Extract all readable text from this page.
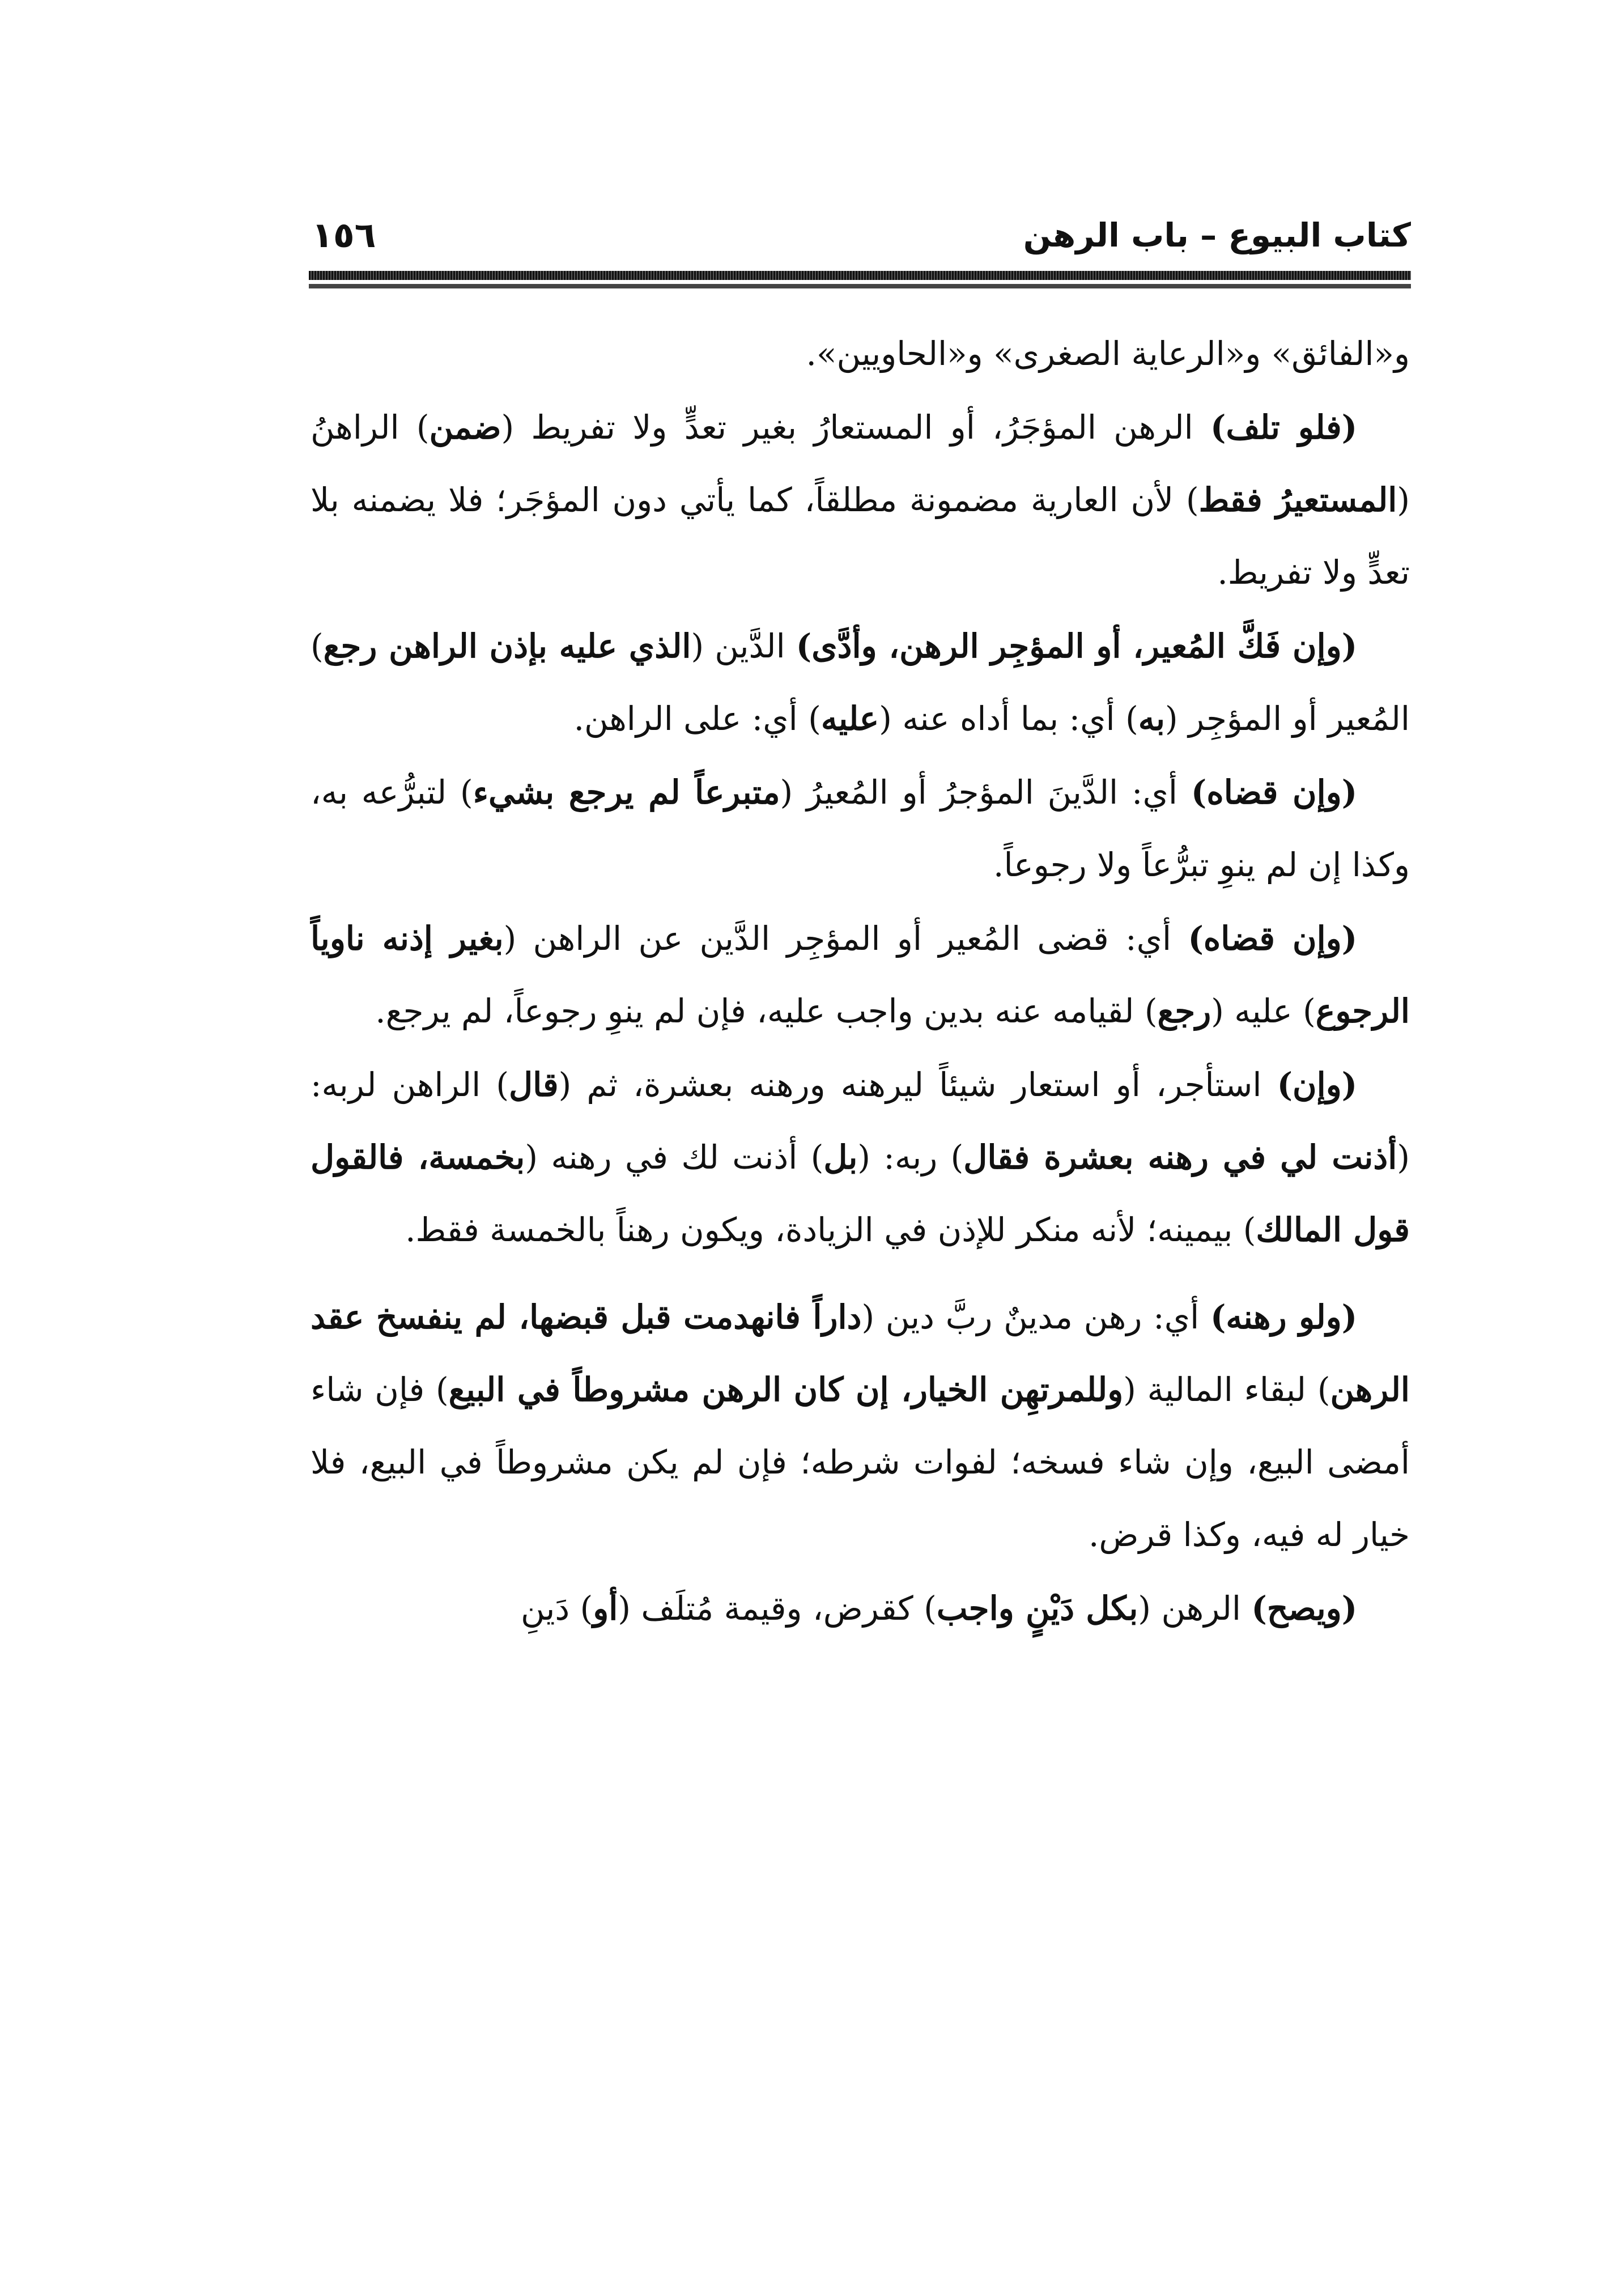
كتاب البيوع – باب الرهن
١٥٦

و«الفائق» و«الرعاية الصغرى» و«الحاويين».

(فلو تلف) الرهن المؤجَرُ، أو المستعارُ بغير تعدٍّ ولا تفريط (ضمن) الراهنُ (المستعيرُ فقط) لأن العارية مضمونة مطلقاً، كما يأتي دون المؤجَر؛ فلا يضمنه بلا تعدٍّ ولا تفريط.

(وإن فَكَّ المُعير، أو المؤجِر الرهن، وأدَّى) الدَّين (الذي عليه بإذن الراهن رجع) المُعير أو المؤجِر (به) أي: بما أداه عنه (عليه) أي: على الراهن.

(وإن قضاه) أي: الدَّينَ المؤجرُ أو المُعيرُ (متبرعاً لم يرجع بشيء) لتبرُّعه به، وكذا إن لم ينوِ تبرُّعاً ولا رجوعاً.

(وإن قضاه) أي: قضى المُعير أو المؤجِر الدَّين عن الراهن (بغير إذنه ناوياً الرجوع) عليه (رجع) لقيامه عنه بدين واجب عليه، فإن لم ينوِ رجوعاً، لم يرجع.

(وإن) استأجر، أو استعار شيئاً ليرهنه ورهنه بعشرة، ثم (قال) الراهن لربه: (أذنت لي في رهنه بعشرة فقال) ربه: (بل) أذنت لك في رهنه (بخمسة، فالقول قول المالك) بيمينه؛ لأنه منكر للإذن في الزيادة، ويكون رهناً بالخمسة فقط.

(ولو رهنه) أي: رهن مدينٌ ربَّ دين (داراً فانهدمت قبل قبضها، لم ينفسخ عقد الرهن) لبقاء المالية (وللمرتهِن الخيار، إن كان الرهن مشروطاً في البيع) فإن شاء أمضى البيع، وإن شاء فسخه؛ لفوات شرطه؛ فإن لم يكن مشروطاً في البيع، فلا خيار له فيه، وكذا قرض.

(ويصح) الرهن (بكل دَيْنٍ واجب) كقرض، وقيمة مُتلَف (أو) دَينِ
